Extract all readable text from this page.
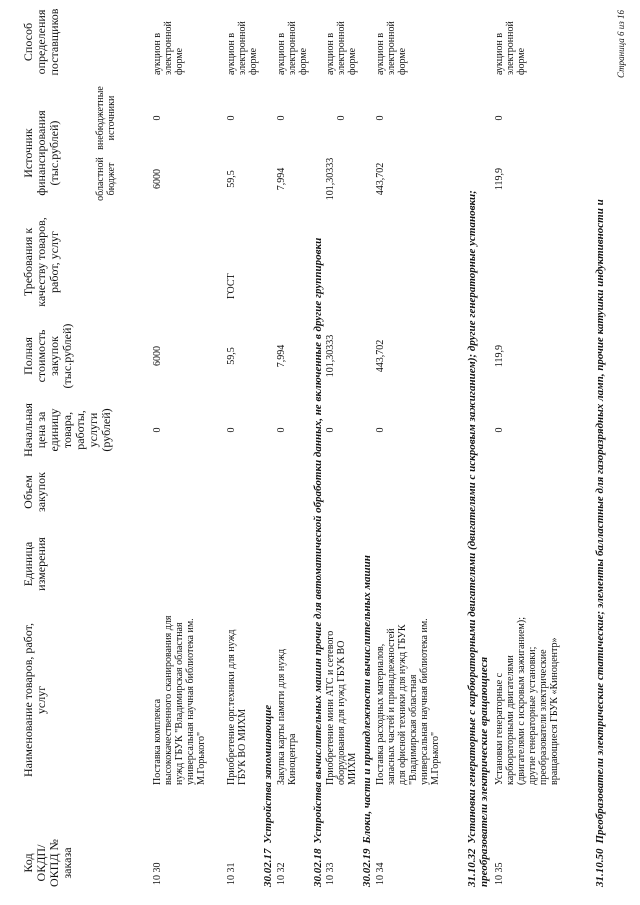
Код ОКДП/ ОКПД № заказа
Наименование товаров, работ, услуг
Единица измерения
Объем закупок
Начальная цена за единицу товара, работы, услуги (рублей)
Полная стоимость закупок (тыс.рублей)
Требования к качеству товаров, работ, услуг
Источник финансирования (тыс.рублей)	областной бюджет
внебюджетные источники
Способ определения поставщиков
10 30
Поставка комплекса высококачественного сканирования для нужд ГБУК "Владимирская областная универсальная научная библиотека им. М.Горького"
0
6000
6000
0
аукцион в электронной форме
10 31
Приобретение орг.техники для нужд ГБУК ВО МИХМ
0
59,5
ГОСТ
59,5
0
аукцион в электронной форме
30.02.17Устройства запоминающие
10 32
Закупка карты памяти для нужд Киноцентра
0
7,994
7,994
0
аукцион в электронной форме
30.02.18Устройства вычислительных машин прочие для автоматической обработки данных, не включенные в другие группировки
10 33
Приобретение мини АТС и сетевого оборудования для нужд ГБУК ВО МИХМ
0
101,30333
101,30333
0
аукцион в электронной форме
30.02.19Блоки, части и принадлежности вычислительных машин
10 34
Поставка расходных материалов, запасных частей и принадлежностей для офисной техники для нужд ГБУК "Владимирская областная универсальная научная библиотека им. М.Горького"
0
443,702
443,702
0
аукцион в электронной форме
31.10.32Установки генераторные с карбюраторными двигателями (двигателями с искровым зажиганием); другие генераторные установки; преобразователи электрические вращающиеся 10 35
Установки генераторные с карбюраторными двигателями (двигателями с искровым зажиганием); другие генераторные установки; преобразователи электрические вращающиеся ГБУК «Киноцентр»
0
119,9
119,9
0
аукцион в электронной форме
31.10.50Преобразователи электрические статические; элементы балластные для газоразрядных ламп, прочие катушки индуктивности и
Страница 6 из 16
